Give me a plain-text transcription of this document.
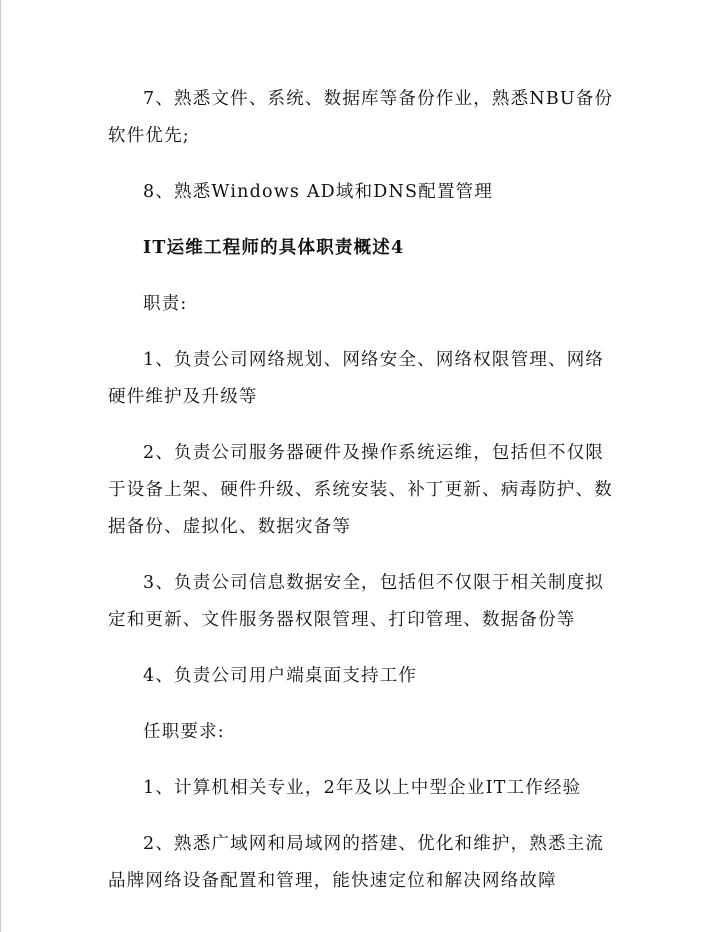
7、熟悉文件、系统、数据库等备份作业，熟悉NBU备份软件优先;

8、熟悉Windows AD域和DNS配置管理

IT运维工程师的具体职责概述4

职责:

1、负责公司网络规划、网络安全、网络权限管理、网络硬件维护及升级等

2、负责公司服务器硬件及操作系统运维，包括但不仅限于设备上架、硬件升级、系统安装、补丁更新、病毒防护、数据备份、虚拟化、数据灾备等

3、负责公司信息数据安全，包括但不仅限于相关制度拟定和更新、文件服务器权限管理、打印管理、数据备份等

4、负责公司用户端桌面支持工作

任职要求:

1、计算机相关专业，2年及以上中型企业IT工作经验

2、熟悉广域网和局域网的搭建、优化和维护，熟悉主流品牌网络设备配置和管理，能快速定位和解决网络故障
